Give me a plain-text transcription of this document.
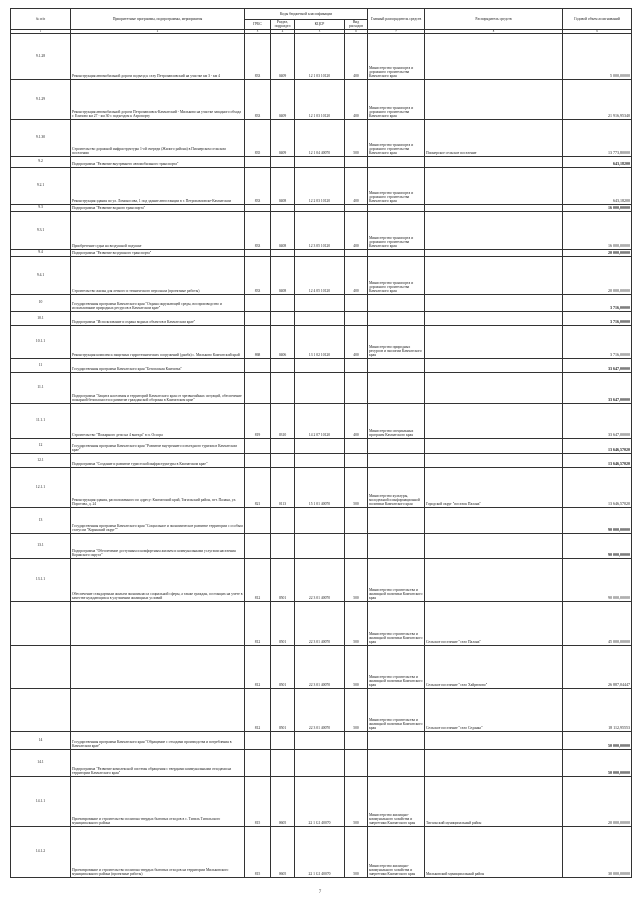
№ п/п	Приоритетные программы, подпрограммы, мероприятия	Коды бюджетной классификации				Главный распорядитель средств	Распорядитель средств	Годовой объем ассигнований
		ГРБС	Раздел, подраздел	КЦСР	Вид расходов			
1	2	3	4	5	6	7	8	9
9.1.28	Реконструкция автомобильной дороги подъезд к селу Петропавловский на участке км 3 - км 4	833	0409	12 1 03 10120	400	Министерство транспорта и дорожного строительства Камчатского края		5 000,00000
9.1.29	Реконструкция автомобильной дороги Петропавловск-Камчатский - Мильково на участке западного обхода г. Елизово км 27 - км 30 с подъездом к Аэропорту	833	0409	12 1 03 10120	400	Министерство транспорта и дорожного строительства Камчатского края		21 916,95340
9.1.30	Строительство дорожной инфраструктуры 1-ой очереди (Жилого района) в Пионерском сельском поселении	835	0409	12 1 04 40070	500	Министерство транспорта и дорожного строительства Камчатского края	Пионерское сельское поселение	13 773,80000
9.2	Подпрограмма "Развитие внутреннего автомобильного транспорта"							643,18200
9.2.1	Реконструкция здания по ул. Ломоносова, 1 под здание автостанции в г. Петропавловске-Камчатском	833	0408	12 2 03 10120	400	Министерство транспорта и дорожного строительства Камчатского края		643,18200
9.3	Подпрограмма "Развитие водного транспорта"							16 000,00000
9.3.1	Приобретение судна на воздушной подушке	833	0408	12 3 05 10120	400	Министерство транспорта и дорожного строительства Камчатского края		16 000,00000
9.4	Подпрограмма "Развитие воздушного транспорта"							20 000,00000
9.4.1	Строительство жилья для летного и технического персонала (проектные работы)	833	0408	12 4 05 10120	400	Министерство транспорта и дорожного строительства Камчатского края		20 000,00000
10	Государственная программа Камчатского края "Охрана окружающей среды, воспроизводство и использование природных ресурсов в Камчатском крае"							3 716,00000
10.1	Подпрограмма "Использование и охрана водных объектов в Камчатском крае"							3 716,00000
10.1.1	Реконструкция комплекса защитных гидротехнических сооружений (дамба) с. Мильково Камчатский край	868	0406	13 1 02 10120	400	Министерство природных ресурсов и экологии Камчатского края		3 716,00000
11	Государственная программа Камчатского края "Безопасная Камчатка"							33 647,00000
11.1	Подпрограмма "Защита населения и территорий Камчатского края от чрезвычайных ситуаций, обеспечение пожарной безопасности и развитие гражданской обороны в Камчатском крае"							33 647,00000
11.1.1	Строительство "Пожарного депо на 4 выезда" в п. Оссора	819	0310	14 2 07 10120	400	Министерство специальных программ Камчатского края		33 647,00000
12	Государственная программа Камчатского края "Развитие внутреннего и въездного туризма в Камчатском крае"							13 646,57020
12.1	Подпрограмма "Создание и развитие туристской инфраструктуры в Камчатском крае"							13 646,57020
12.1.1	Реконструкция здания, расположенного по адресу: Камчатский край, Тигильский район, пгт. Палана, ул. Поротова, д. 24	821	0113	15 1 01 40070	500	Министерство культуры, молодежной и информационной политики Камчатского края	Городской округ "поселок Палана"	13 646,57020
13	Государственная программа Камчатского края "Социальное и экономическое развитие территории с особым статусом "Корякский округ""							90 000,00000
13.1	Подпрограмма "Обеспечение доступным и комфортным жильем и коммунальными услугами населения Корякского округа"							90 000,00000
13.1.1	Обеспечение стандартным жильем экономкласса социальной сферы, а также граждан, состоящих на учете в качестве нуждающихся в улучшении жилищных условий	812	0501	22 3 01 40070	500	Министерство строительства и жилищной политики Камчатского края		90 000,00000
		812	0501	22 3 01 40070	500	Министерство строительства и жилищной политики Камчатского края	Сельское поселение "село Палана"	45 000,00000
		812	0501	22 3 01 40070	500	Министерство строительства и жилищной политики Камчатского края	Сельское поселение "село Хайрюзово"	26 887,04447
		812	0501	22 3 01 40070	500	Министерство строительства и жилищной политики Камчатского края	Сельское поселение "село Седанка"	18 112,95553
14	Государственная программа Камчатского края "Обращение с отходами производства и потребления в Камчатском крае"							50 000,00000
14.1	Подпрограмма "Развитие комплексной системы обращения с твердыми коммунальными отходами на территории Камчатского края"							50 000,00000
14.1.1	Проектирование и строительство полигона твердых бытовых отходов в с. Тигиль Тигильского муниципального района	815	0605	22 1 G1 40070	500	Министерство жилищно-коммунального хозяйства и энергетики Камчатского края	Тигильский муниципальный район	20 000,00000
14.1.2	Проектирование и строительство полигона твердых бытовых отходов на территории Мильковского муниципального района (проектные работы)	815	0605	22 1 G1 40070	500	Министерство жилищно-коммунального хозяйства и энергетики Камчатского края	Мильковский муниципальный район	30 000,00000
7
